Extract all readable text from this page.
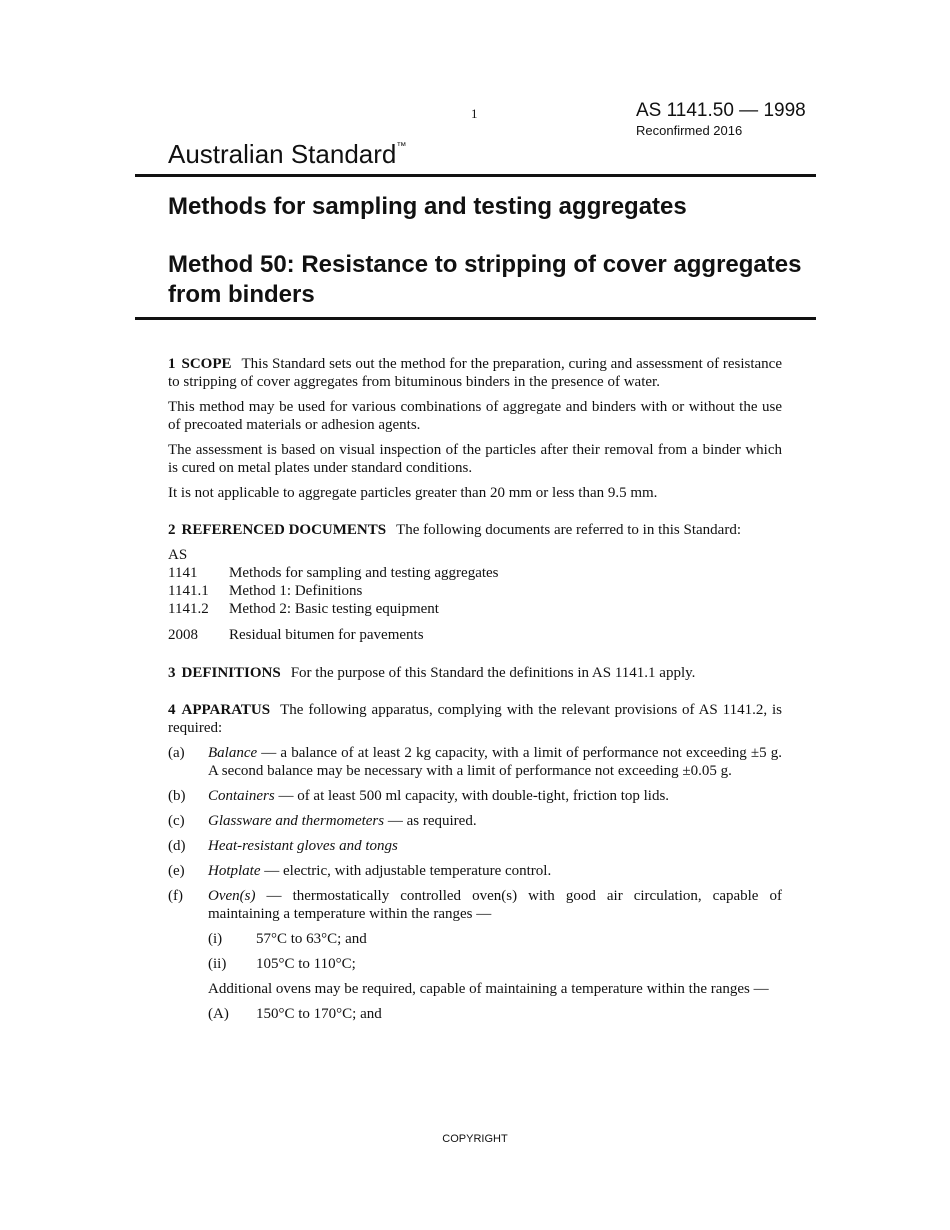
1	AS 1141.50 — 1998
Reconfirmed 2016
Australian Standard™
Methods for sampling and testing aggregates
Method 50: Resistance to stripping of cover aggregates from binders

1 SCOPE This Standard sets out the method for the preparation, curing and assessment of resistance to stripping of cover aggregates from bituminous binders in the presence of water.

This method may be used for various combinations of aggregate and binders with or without the use of precoated materials or adhesion agents.

The assessment is based on visual inspection of the particles after their removal from a binder which is cured on metal plates under standard conditions.

It is not applicable to aggregate particles greater than 20 mm or less than 9.5 mm.

2 REFERENCED DOCUMENTS The following documents are referred to in this Standard:

AS
1141	Methods for sampling and testing aggregates
1141.1	Method 1: Definitions
1141.2	Method 2: Basic testing equipment
2008	Residual bitumen for pavements

3 DEFINITIONS For the purpose of this Standard the definitions in AS 1141.1 apply.

4 APPARATUS The following apparatus, complying with the relevant provisions of AS 1141.2, is required:

(a)	Balance — a balance of at least 2 kg capacity, with a limit of performance not exceeding ±5 g. A second balance may be necessary with a limit of performance not exceeding ±0.05 g.
(b)	Containers — of at least 500 ml capacity, with double-tight, friction top lids.
(c)	Glassware and thermometers — as required.
(d)	Heat-resistant gloves and tongs
(e)	Hotplate — electric, with adjustable temperature control.
(f)	Oven(s) — thermostatically controlled oven(s) with good air circulation, capable of maintaining a temperature within the ranges —
(i)	57°C to 63°C; and
(ii)	105°C to 110°C;

Additional ovens may be required, capable of maintaining a temperature within the ranges —

(A)	150°C to 170°C; and
COPYRIGHT
